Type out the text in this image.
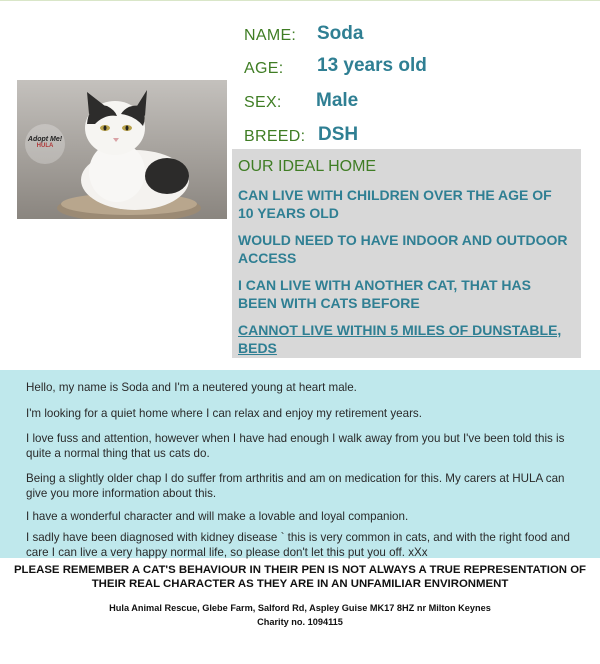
Adopt Me!
HULA
NAME: Soda
AGE: 13 years old
SEX: Male
BREED: DSH
OUR IDEAL HOME
CAN LIVE WITH CHILDREN OVER THE AGE OF 10 YEARS OLD
WOULD NEED TO HAVE INDOOR AND OUTDOOR ACCESS
I CAN LIVE WITH ANOTHER CAT, THAT HAS BEEN WITH CATS BEFORE
CANNOT LIVE WITHIN 5 MILES OF DUNSTABLE, BEDS

Hello, my name is Soda and I'm a neutered young at heart male.

I'm looking for a quiet home where I can relax and enjoy my retirement years.

I love fuss and attention, however when I have had enough I walk away from you but I've been told this is quite a normal thing that us cats do.

Being a slightly older chap I do suffer from arthritis and am on medication for this. My carers at HULA can give you more information about this.

I have a wonderful character and will make a lovable and loyal companion.

I sadly have been diagnosed with kidney disease ` this is very common in cats, and with the right food and care I can live a very happy normal life, so please don't let this put you off. xXx

PLEASE REMEMBER A CAT'S BEHAVIOUR IN THEIR PEN IS NOT ALWAYS A TRUE REPRESENTATION OF THEIR REAL CHARACTER AS THEY ARE IN AN UNFAMILIAR ENVIRONMENT

Hula Animal Rescue, Glebe Farm, Salford Rd, Aspley Guise MK17 8HZ nr Milton Keynes

Charity no. 1094115
